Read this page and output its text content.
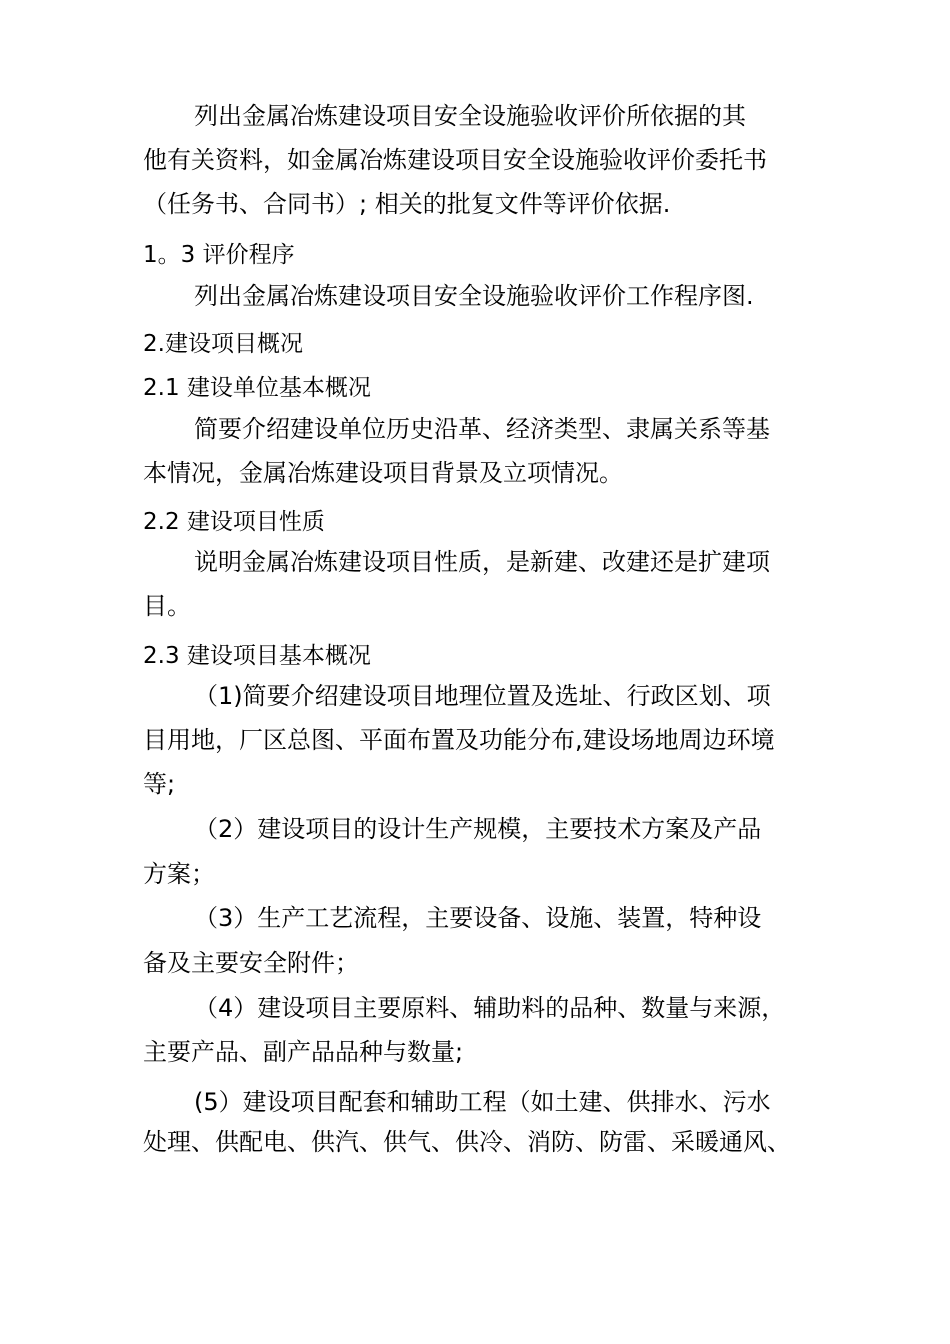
列出金属冶炼建设项目安全设施验收评价所依据的其
他有关资料，如金属冶炼建设项目安全设施验收评价委托书
（任务书、合同书）; 相关的批复文件等评价依据.
1。3 评价程序
列出金属冶炼建设项目安全设施验收评价工作程序图.
2.建设项目概况
2.1 建设单位基本概况
简要介绍建设单位历史沿革、经济类型、隶属关系等基
本情况，金属冶炼建设项目背景及立项情况。
2.2 建设项目性质
说明金属冶炼建设项目性质，是新建、改建还是扩建项
目。
2.3 建设项目基本概况
（1)简要介绍建设项目地理位置及选址、行政区划、项
目用地，厂区总图、平面布置及功能分布,建设场地周边环境
等;
（2）建设项目的设计生产规模，主要技术方案及产品
方案；
（3）生产工艺流程，主要设备、设施、装置，特种设
备及主要安全附件；
（4）建设项目主要原料、辅助料的品种、数量与来源，
主要产品、副产品品种与数量;
(5）建设项目配套和辅助工程（如土建、供排水、污水
处理、供配电、供汽、供气、供冷、消防、防雷、采暖通风、
